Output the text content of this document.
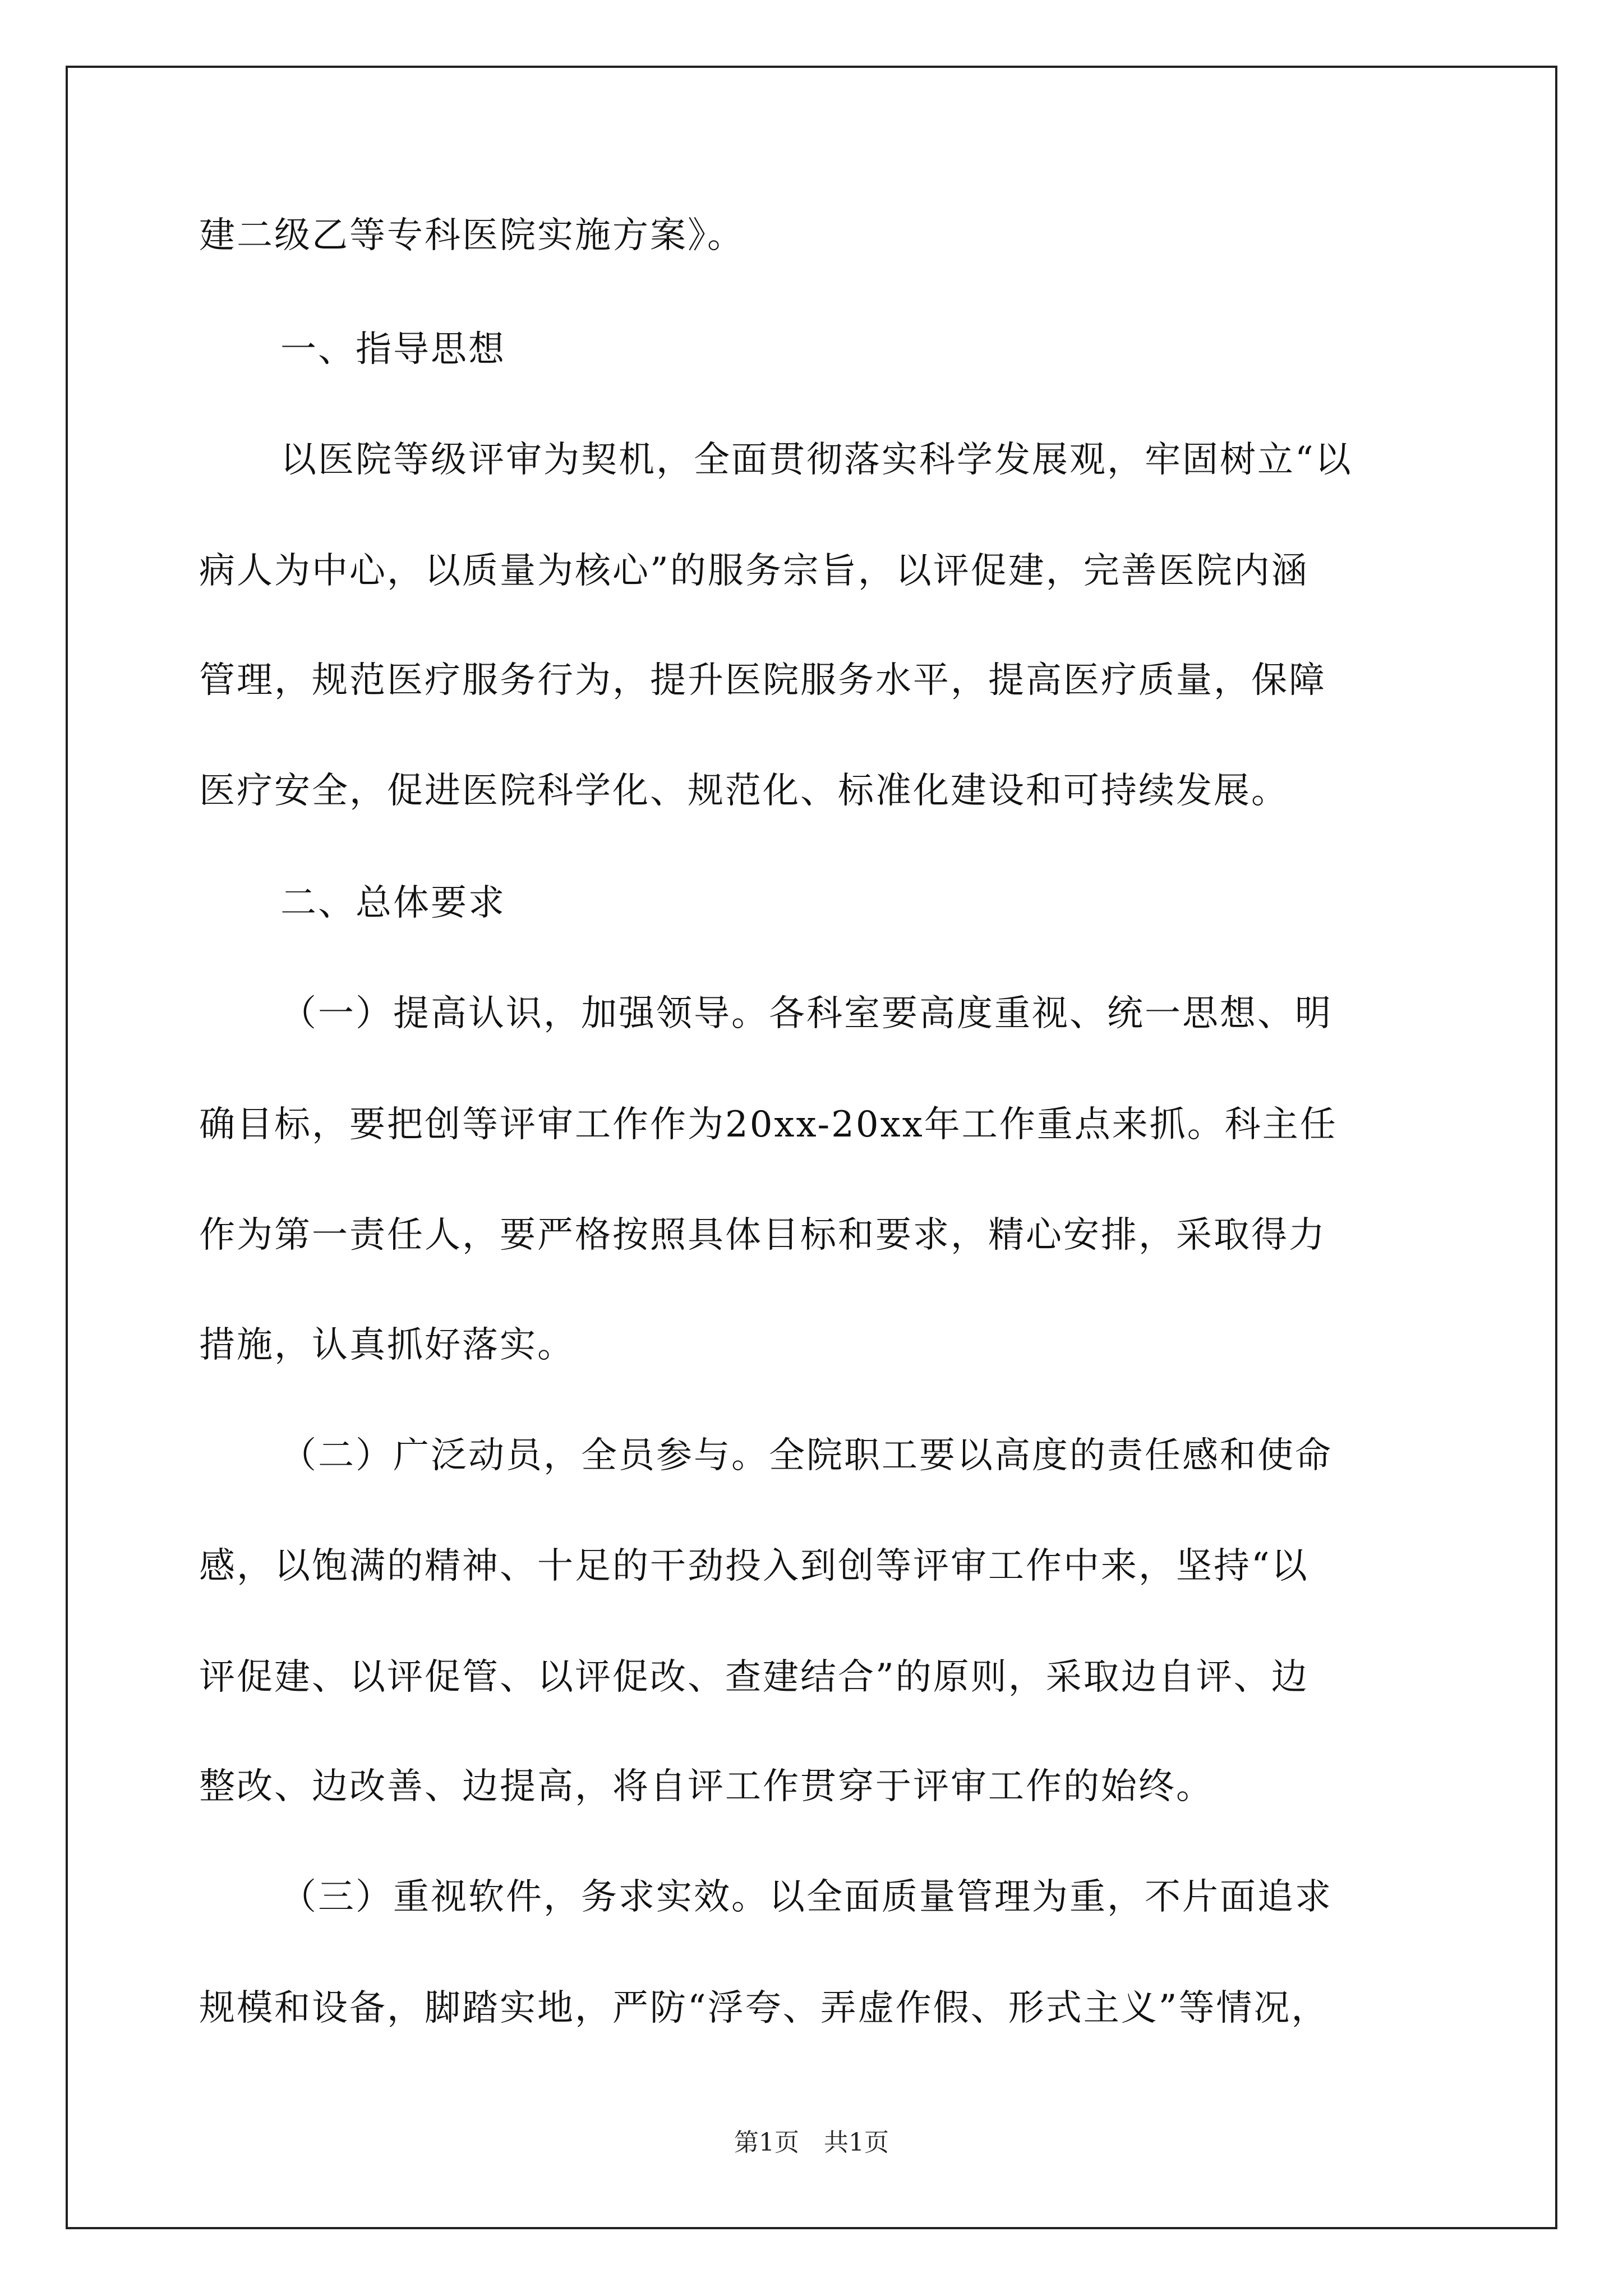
建二级乙等专科医院实施方案》。
一、指导思想
以医院等级评审为契机，全面贯彻落实科学发展观，牢固树立“以
病人为中心，以质量为核心”的服务宗旨，以评促建，完善医院内涵
管理，规范医疗服务行为，提升医院服务水平，提高医疗质量，保障
医疗安全，促进医院科学化、规范化、标准化建设和可持续发展。
二、总体要求
（一）提高认识，加强领导。各科室要高度重视、统一思想、明
确目标，要把创等评审工作作为20xx-20xx年工作重点来抓。科主任
作为第一责任人，要严格按照具体目标和要求，精心安排，采取得力
措施，认真抓好落实。
（二）广泛动员，全员参与。全院职工要以高度的责任感和使命
感，以饱满的精神、十足的干劲投入到创等评审工作中来，坚持“以
评促建、以评促管、以评促改、查建结合”的原则，采取边自评、边
整改、边改善、边提高，将自评工作贯穿于评审工作的始终。
（三）重视软件，务求实效。以全面质量管理为重，不片面追求
规模和设备，脚踏实地，严防“浮夸、弄虚作假、形式主义”等情况，
第1页　共1页
